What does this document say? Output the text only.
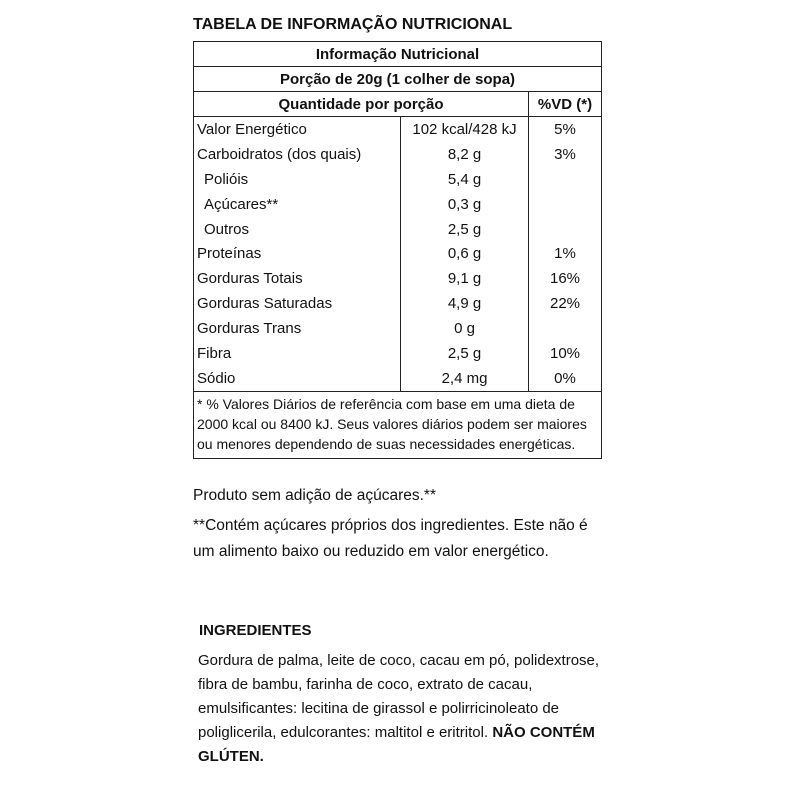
TABELA DE INFORMAÇÃO NUTRICIONAL
Informação Nutricional		
Porção de 20g (1 colher de sopa)		
Quantidade por porção		%VD (*)
Valor Energético	102 kcal/428 kJ	5%
Carboidratos (dos quais)	8,2 g	3%
Polióis	5,4 g	
Açúcares**	0,3 g	
Outros	2,5 g	
Proteínas	0,6 g	1%
Gorduras Totais	9,1 g	16%
Gorduras Saturadas	4,9 g	22%
Gorduras Trans	0 g	
Fibra	2,5 g	10%
Sódio	2,4 mg	0%
* % Valores Diários de referência com base em uma dieta de 2000 kcal ou 8400 kJ. Seus valores diários podem ser maiores ou menores dependendo de suas necessidades energéticas.		
Produto sem adição de açúcares.**
**Contém açúcares próprios dos ingredientes. Este não é um alimento baixo ou reduzido em valor energético.
INGREDIENTES
Gordura de palma, leite de coco, cacau em pó, polidextrose, fibra de bambu, farinha de coco, extrato de cacau, emulsificantes: lecitina de girassol e polirricinoleato de poliglicerila, edulcorantes: maltitol e eritritol. NÃO CONTÉM GLÚTEN.
